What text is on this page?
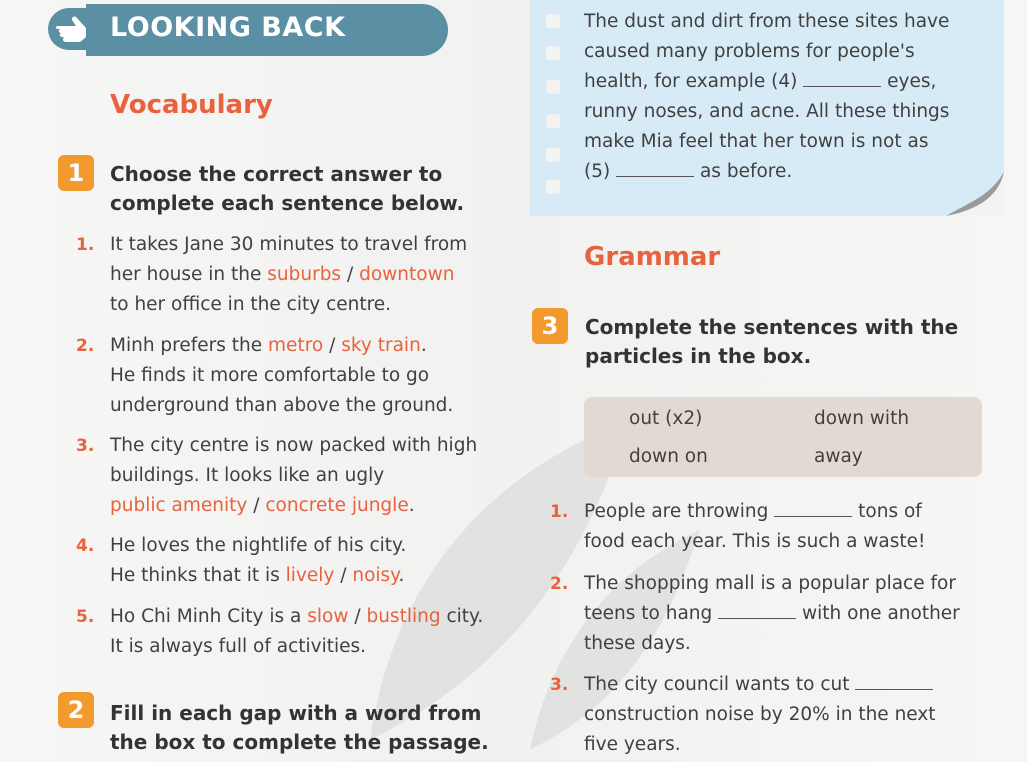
LOOKING BACK
Vocabulary
1	Choose the correct answer to
complete each sentence below.
1. It takes Jane 30 minutes to travel from
her house in the suburbs / downtown
to her office in the city centre.
2. Minh prefers the metro / sky train.
He finds it more comfortable to go
underground than above the ground.
3. The city centre is now packed with high
buildings. It looks like an ugly
public amenity / concrete jungle.
4. He loves the nightlife of his city.
He thinks that it is lively / noisy.
5. Ho Chi Minh City is a slow / bustling city.
It is always full of activities.
2	Fill in each gap with a word from
the box to complete the passage.
The dust and dirt from these sites have
caused many problems for people's
health, for example (4)	eyes,
runny noses, and acne. All these things
make Mia feel that her town is not as
(5)	as before.
Grammar
3	Complete the sentences with the
particles in the box.
out (x2)	down with
down on	away
1. People are throwing	tons of
food each year. This is such a waste!
2. The shopping mall is a popular place for
teens to hang	with one another
these days.
3. The city council wants to cut
construction noise by 20% in the next
five years.
